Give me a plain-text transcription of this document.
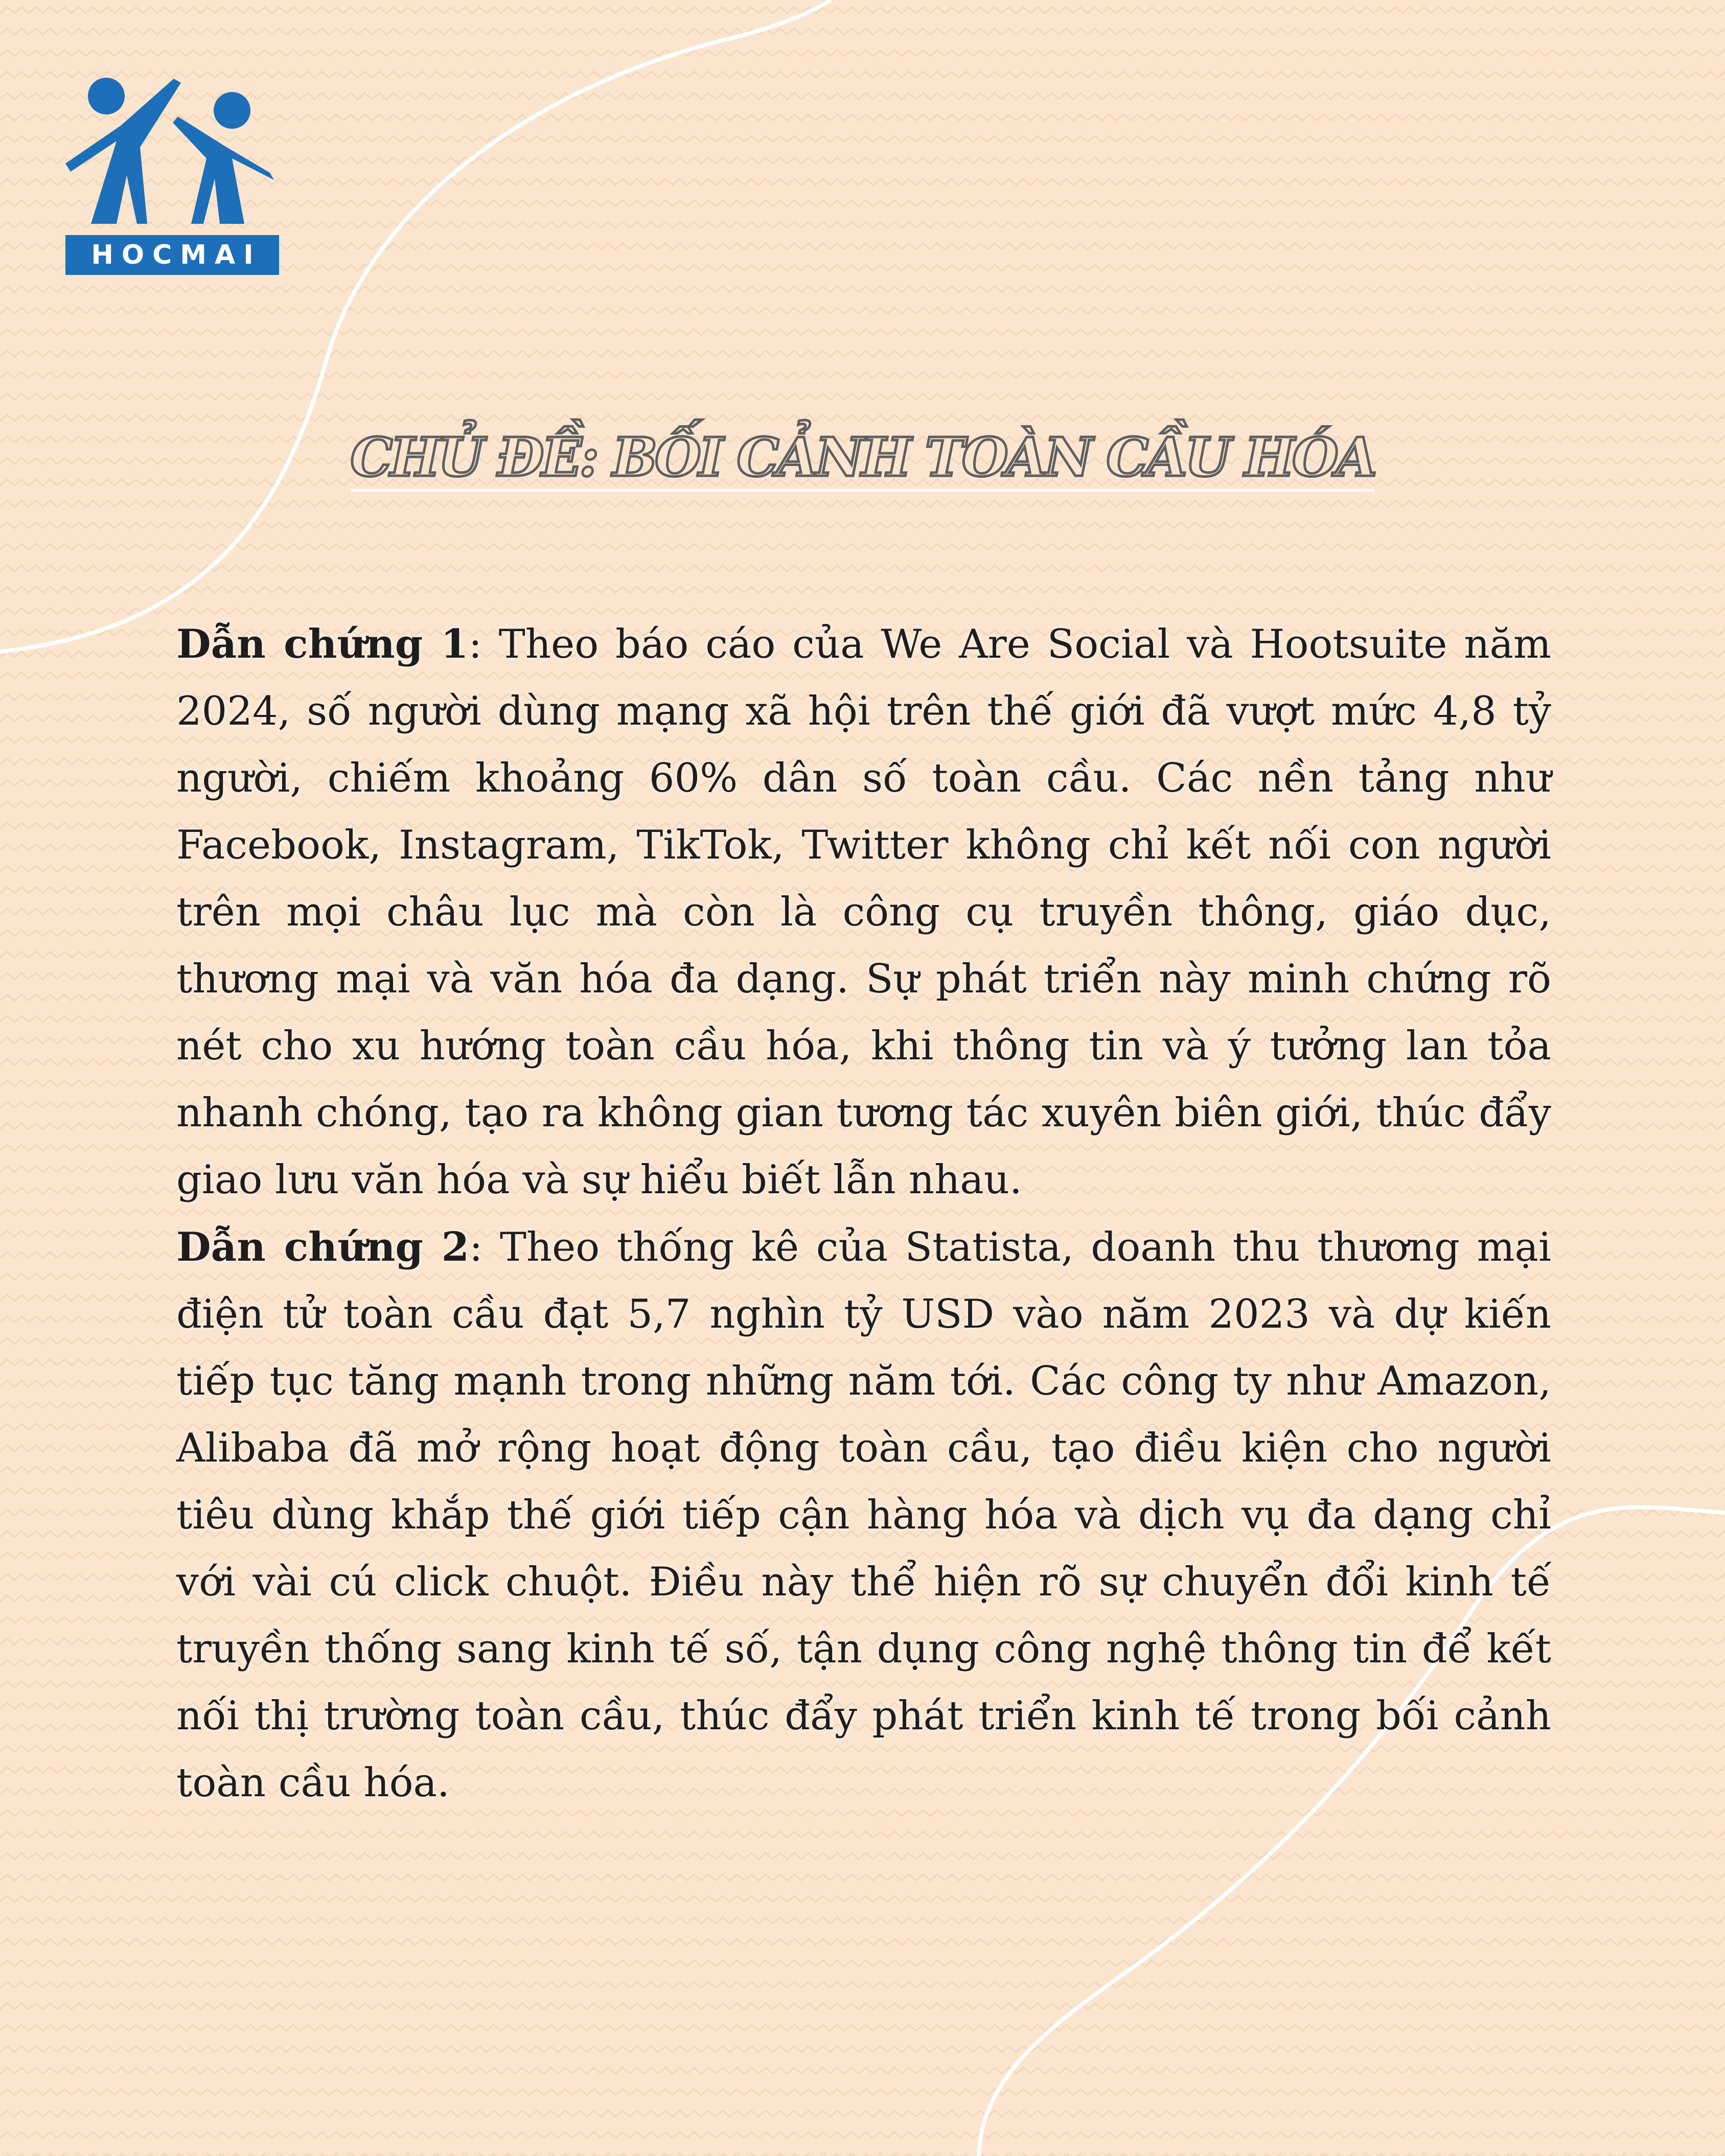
HOCMAI
CHỦ ĐỀ: BỐI CẢNH TOÀN CẦU HÓA

Dẫn chứng 1: Theo báo cáo của We Are Social và Hootsuite năm 2024, số người dùng mạng xã hội trên thế giới đã vượt mức 4,8 tỷ người, chiếm khoảng 60% dân số toàn cầu. Các nền tảng như Facebook, Instagram, TikTok, Twitter không chỉ kết nối con người trên mọi châu lục mà còn là công cụ truyền thông, giáo dục, thương mại và văn hóa đa dạng. Sự phát triển này minh chứng rõ nét cho xu hướng toàn cầu hóa, khi thông tin và ý tưởng lan tỏa nhanh chóng, tạo ra không gian tương tác xuyên biên giới, thúc đẩy giao lưu văn hóa và sự hiểu biết lẫn nhau.

Dẫn chứng 2: Theo thống kê của Statista, doanh thu thương mại điện tử toàn cầu đạt 5,7 nghìn tỷ USD vào năm 2023 và dự kiến tiếp tục tăng mạnh trong những năm tới. Các công ty như Amazon, Alibaba đã mở rộng hoạt động toàn cầu, tạo điều kiện cho người tiêu dùng khắp thế giới tiếp cận hàng hóa và dịch vụ đa dạng chỉ với vài cú click chuột. Điều này thể hiện rõ sự chuyển đổi kinh tế truyền thống sang kinh tế số, tận dụng công nghệ thông tin để kết nối thị trường toàn cầu, thúc đẩy phát triển kinh tế trong bối cảnh toàn cầu hóa.
